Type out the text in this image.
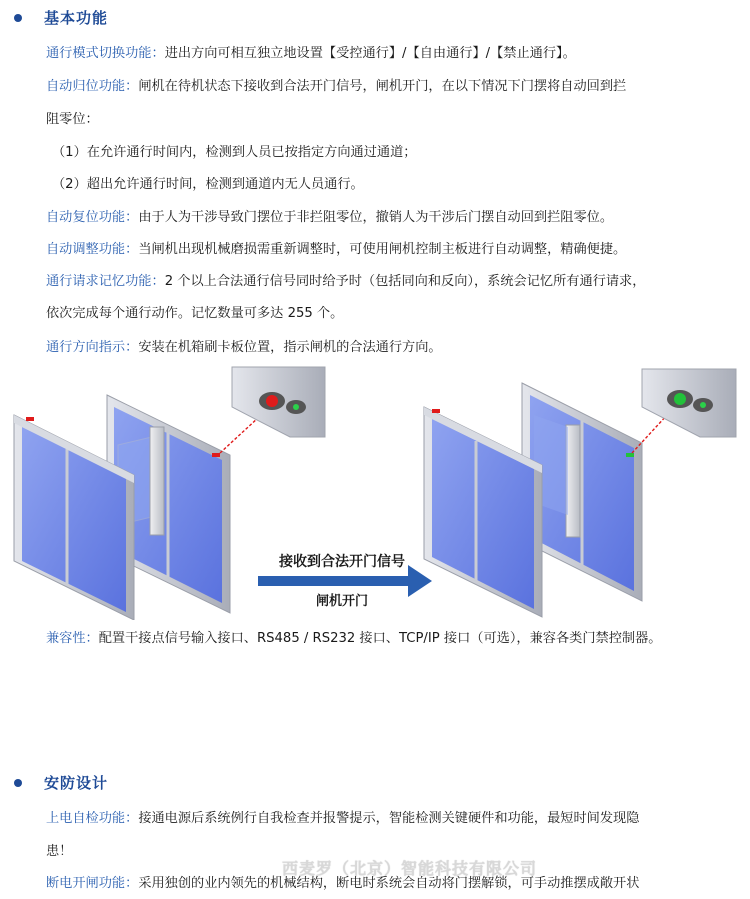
基本功能
通行模式切换功能：进出方向可相互独立地设置【受控通行】/【自由通行】/【禁止通行】。
自动归位功能：闸机在待机状态下接收到合法开门信号，闸机开门，在以下情况下门摆将自动回到拦
阻零位：
（1）在允许通行时间内，检测到人员已按指定方向通过通道；
（2）超出允许通行时间，检测到通道内无人员通行。
自动复位功能：由于人为干涉导致门摆位于非拦阻零位，撤销人为干涉后门摆自动回到拦阻零位。
自动调整功能：当闸机出现机械磨损需重新调整时，可使用闸机控制主板进行自动调整，精确便捷。
通行请求记忆功能：2 个以上合法通行信号同时给予时（包括同向和反向），系统会记忆所有通行请求，
依次完成每个通行动作。记忆数量可多达 255 个。
通行方向指示：安装在机箱刷卡板位置，指示闸机的合法通行方向。
接收到合法开门信号
闸机开门
兼容性：配置干接点信号输入接口、RS485 / RS232 接口、TCP/IP 接口（可选），兼容各类门禁控制器。
安防设计
上电自检功能：接通电源后系统例行自我检查并报警提示，智能检测关键硬件和功能，最短时间发现隐
患！
断电开闸功能：采用独创的业内领先的机械结构，断电时系统会自动将门摆解锁，可手动推摆成敞开状
西麦罗（北京）智能科技有限公司
